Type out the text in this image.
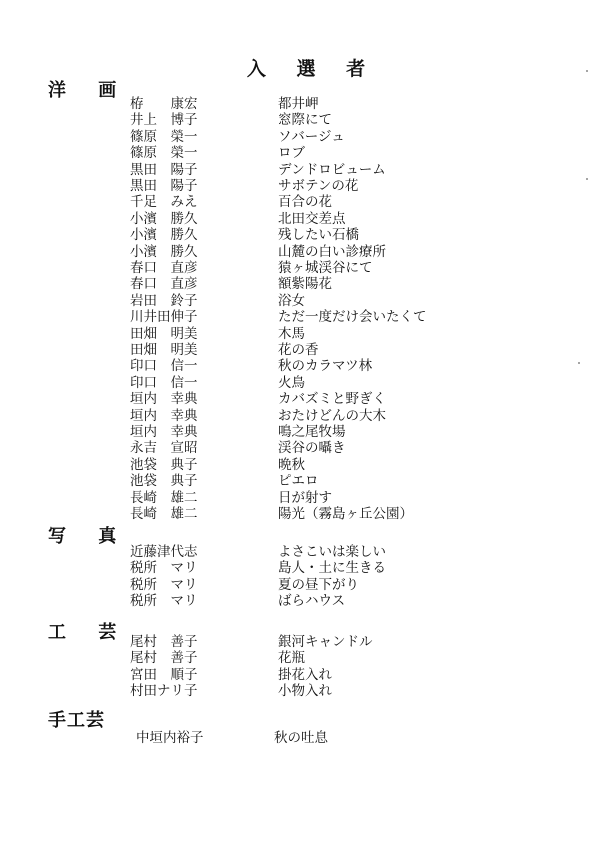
入 選 者
洋 画
栫　　康宏	都井岬
井上　博子	窓際にて
篠原　榮一	ソバージュ
篠原　榮一	ロブ
黒田　陽子	デンドロビューム
黒田　陽子	サボテンの花
千足　みえ	百合の花
小濱　勝久	北田交差点
小濱　勝久	残したい石橋
小濱　勝久	山麓の白い診療所
春口　直彦	猿ヶ城渓谷にて
春口　直彦	額紫陽花
岩田　鈴子	浴女
川井田伸子	ただ一度だけ会いたくて
田畑　明美	木馬
田畑　明美	花の香
印口　信一	秋のカラマツ林
印口　信一	火鳥
垣内　幸典	カバズミと野ぎく
垣内　幸典	おたけどんの大木
垣内　幸典	鳴之尾牧場
永吉　宣昭	渓谷の囁き
池袋　典子	晩秋
池袋　典子	ピエロ
長崎　雄二	日が射す
長崎　雄二	陽光（霧島ヶ丘公園）
写 真
近藤津代志	よさこいは楽しい
税所　マリ	島人・土に生きる
税所　マリ	夏の昼下がり
税所　マリ	ばらハウス
工 芸 尾村　善子	銀河キャンドル
尾村　善子	花瓶
宮田　順子	掛花入れ
村田ナリ子	小物入れ
手工芸
中垣内裕子	秋の吐息
